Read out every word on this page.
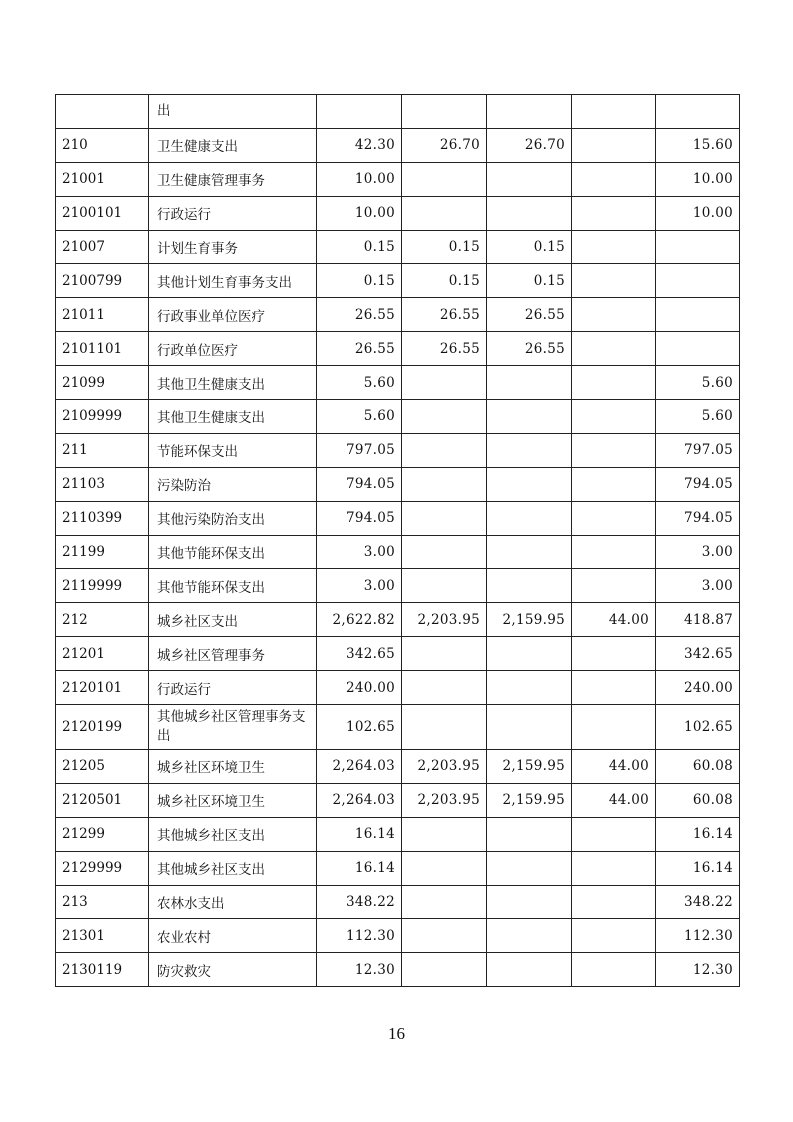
	出					
210	卫生健康支出	42.30	26.70	26.70		15.60
21001	卫生健康管理事务	10.00				10.00
2100101	行政运行	10.00				10.00
21007	计划生育事务	0.15	0.15	0.15		
2100799	其他计划生育事务支出	0.15	0.15	0.15		
21011	行政事业单位医疗	26.55	26.55	26.55		
2101101	行政单位医疗	26.55	26.55	26.55		
21099	其他卫生健康支出	5.60				5.60
2109999	其他卫生健康支出	5.60				5.60
211	节能环保支出	797.05				797.05
21103	污染防治	794.05				794.05
2110399	其他污染防治支出	794.05				794.05
21199	其他节能环保支出	3.00				3.00
2119999	其他节能环保支出	3.00				3.00
212	城乡社区支出	2,622.82	2,203.95	2,159.95	44.00	418.87
21201	城乡社区管理事务	342.65				342.65
2120101	行政运行	240.00				240.00
2120199	其他城乡社区管理事务支出	102.65				102.65
21205	城乡社区环境卫生	2,264.03	2,203.95	2,159.95	44.00	60.08
2120501	城乡社区环境卫生	2,264.03	2,203.95	2,159.95	44.00	60.08
21299	其他城乡社区支出	16.14				16.14
2129999	其他城乡社区支出	16.14				16.14
213	农林水支出	348.22				348.22
21301	农业农村	112.30				112.30
2130119	防灾救灾	12.30				12.30
16
